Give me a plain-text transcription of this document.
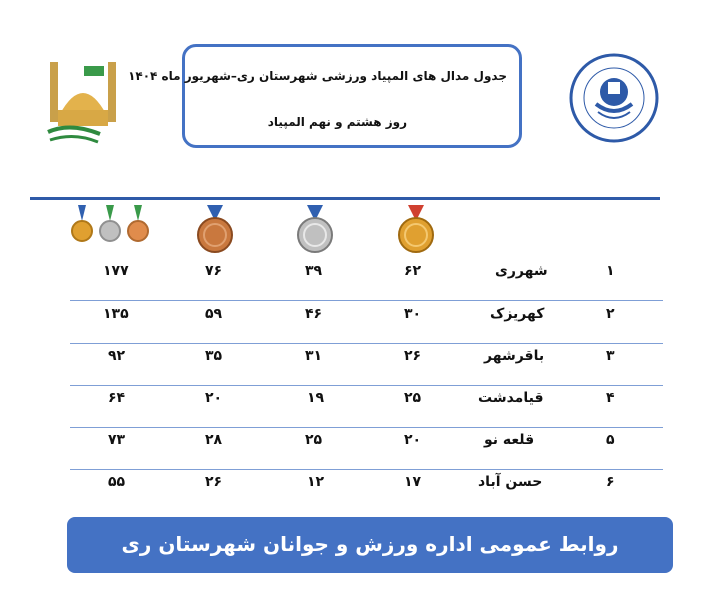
جدول مدال های المپیاد ورزشی شهرستان ری–شهریور ماه ۱۴۰۴
روز هشتم و نهم المپیاد
۱
شهرری
۶۲
۳۹
۷۶
۱۷۷
۲
کهریزک
۳۰
۴۶
۵۹
۱۳۵
۳
باقرشهر
۲۶
۳۱
۳۵
۹۲
۴
قیامدشت
۲۵
۱۹
۲۰
۶۴
۵
قلعه نو
۲۰
۲۵
۲۸
۷۳
۶
حسن آباد
۱۷
۱۲
۲۶
۵۵
روابط عمومی اداره ورزش و جوانان شهرستان ری
